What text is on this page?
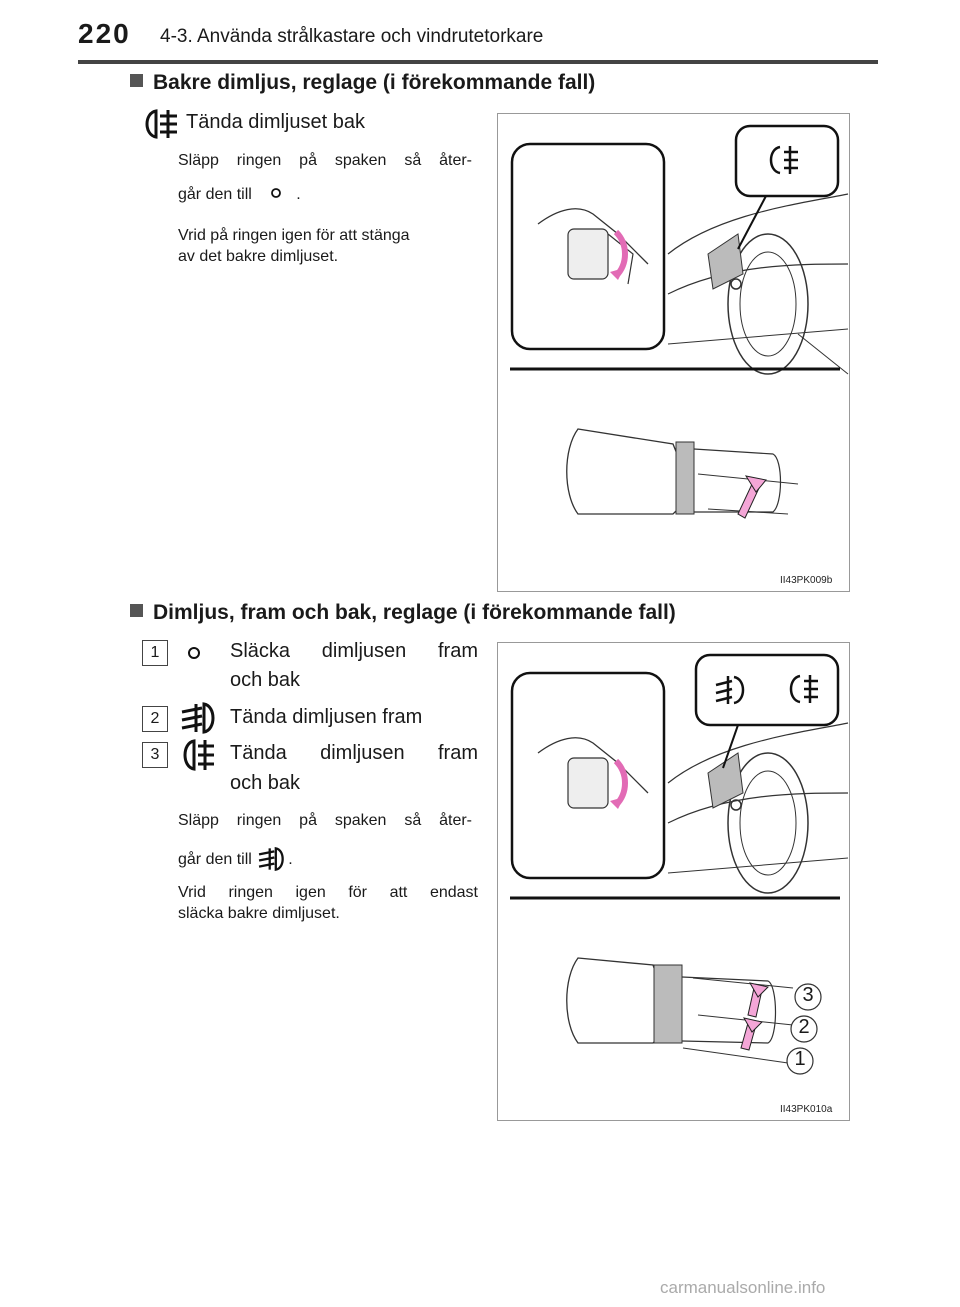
220 4-3. Använda strålkastare och vindrutetorkare
Bakre dimljus, reglage (i förekommande fall)
Tända dimljuset bak
Släpp ringen på spaken så åter-
går den till	.
Vrid på ringen igen för att stänga
av det bakre dimljuset.
II43PK009b
Dimljus, fram och bak, reglage (i förekommande fall)
1	Släcka dimljusen fram
och bak
2	Tända dimljusen fram
3	Tända dimljusen fram
och bak
Släpp ringen på spaken så åter-
går den till .
Vrid ringen igen för att endast
släcka bakre dimljuset.
3
2
1
II43PK010a
carmanualsonline.info
